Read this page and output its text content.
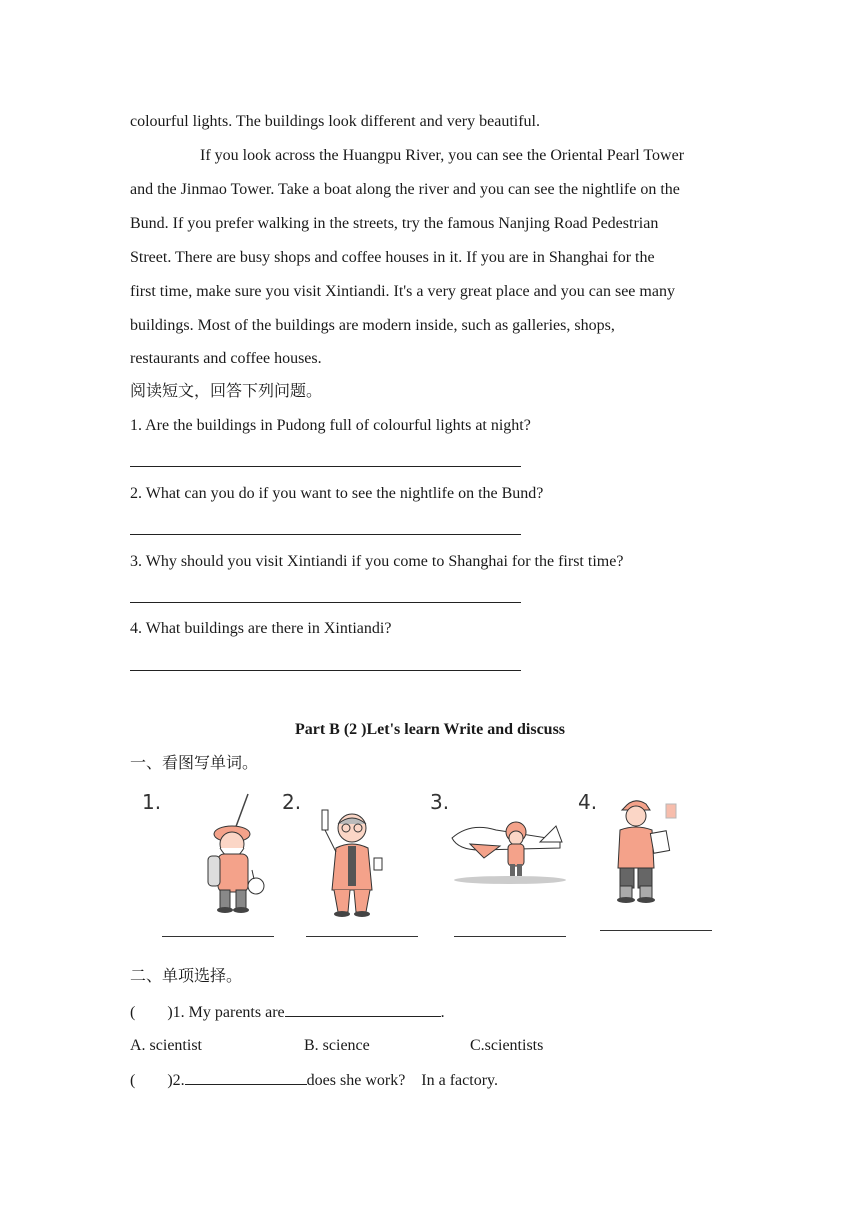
colourful lights. The buildings look different and very beautiful.
If you look across the Huangpu River, you can see the Oriental Pearl Tower
and the Jinmao Tower. Take a boat along the river and you can see the nightlife on the
Bund. If you prefer walking in the streets, try the famous Nanjing Road Pedestrian
Street. There are busy shops and coffee houses in it. If you are in Shanghai for the
first time, make sure you visit Xintiandi. It's a very great place and you can see many
buildings. Most of the buildings are modern inside, such as galleries, shops,
restaurants and coffee houses.
阅读短文，回答下列问题。
1. Are the buildings in Pudong full of colourful lights at night?
2. What can you do if you want to see the nightlife on the Bund?
3. Why should you visit Xintiandi if you come to Shanghai for the first time?
4. What buildings are there in Xintiandi?
Part B (2 )Let's learn Write and discuss
一、看图写单词。
1.	2.	3.	4.
二、单项选择。
(        )1. My parents are	.
A. scientist	B. science	C.scientists
(        )2.	does she work?    In a factory.
